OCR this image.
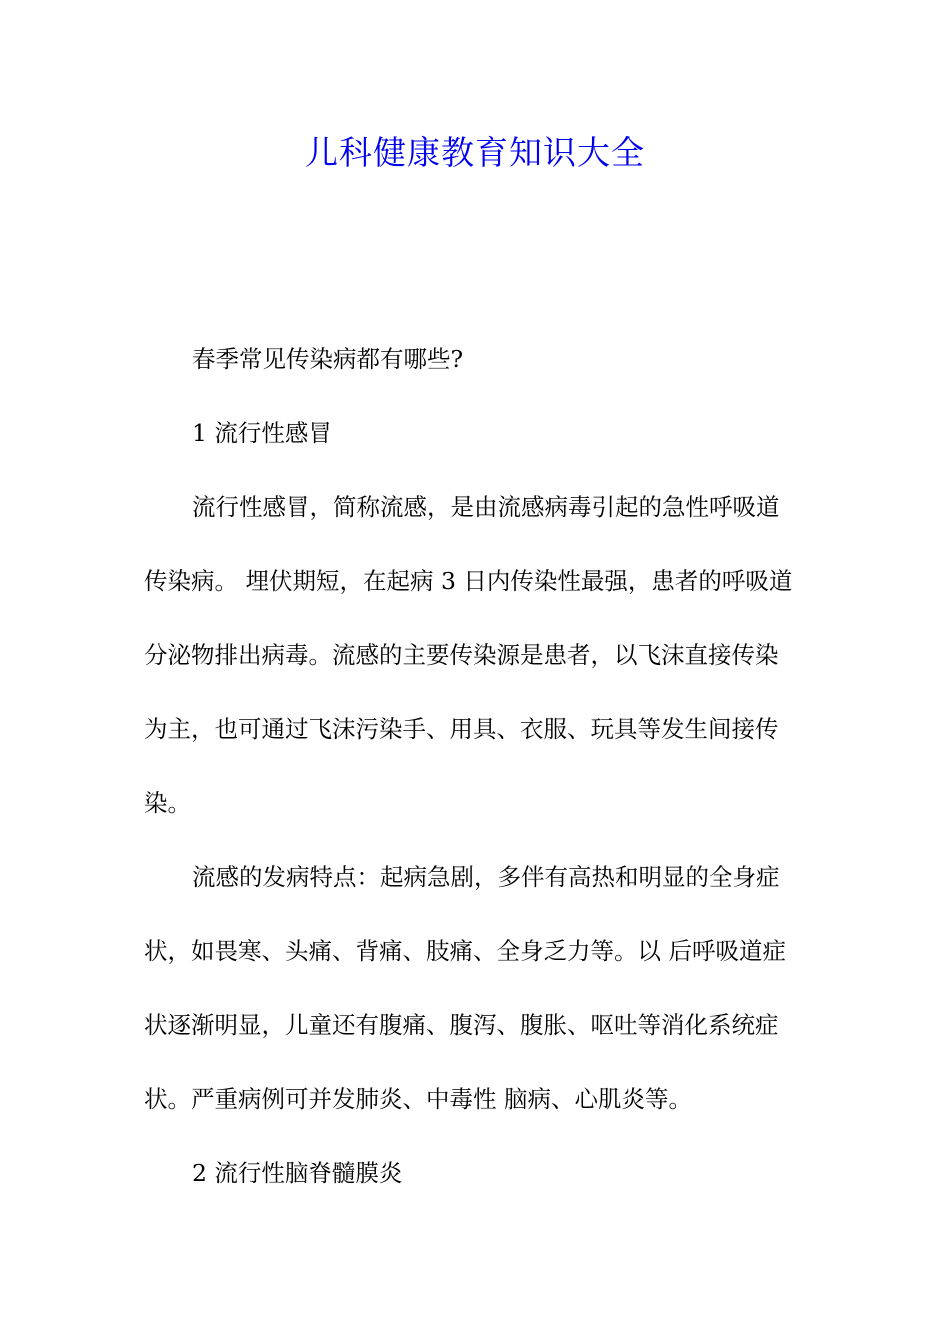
儿科健康教育知识大全
春季常见传染病都有哪些?
1 流行性感冒
流行性感冒，简称流感，是由流感病毒引起的急性呼吸道
传染病。 埋伏期短，在起病 3 日内传染性最强，患者的呼吸道
分泌物排出病毒。流感的主要传染源是患者，以飞沫直接传染
为主，也可通过飞沫污染手、用具、衣服、玩具等发生间接传
染。
流感的发病特点：起病急剧，多伴有高热和明显的全身症
状，如畏寒、头痛、背痛、肢痛、全身乏力等。以 后呼吸道症
状逐渐明显，儿童还有腹痛、腹泻、腹胀、呕吐等消化系统症
状。严重病例可并发肺炎、中毒性 脑病、心肌炎等。
2 流行性脑脊髓膜炎
